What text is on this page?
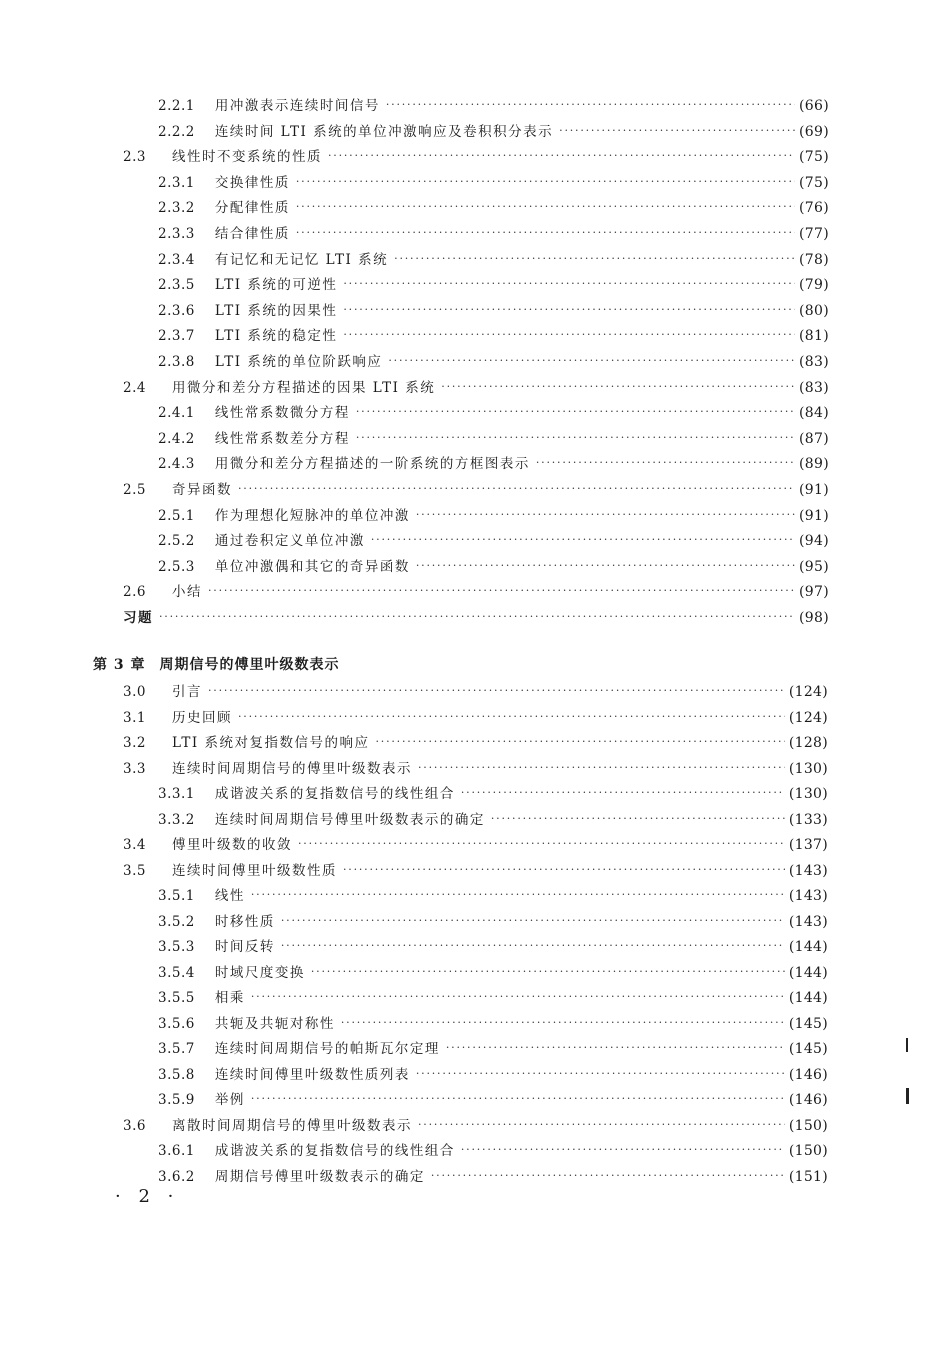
2.2.1 用冲激表示连续时间信号 ·····	(66)
2.2.2 连续时间 LTI 系统的单位冲激响应及卷积积分表示 ·····	(69)
2.3 线性时不变系统的性质 ·····	(75)
2.3.1 交换律性质 ·····	(75)
2.3.2 分配律性质 ·····	(76)
2.3.3 结合律性质 ·····	(77)
2.3.4 有记忆和无记忆 LTI 系统 ·····	(78)
2.3.5 LTI 系统的可逆性 ·····	(79)
2.3.6 LTI 系统的因果性 ·····	(80)
2.3.7 LTI 系统的稳定性 ·····	(81)
2.3.8 LTI 系统的单位阶跃响应 ·····	(83)
2.4 用微分和差分方程描述的因果 LTI 系统 ·····	(83)
2.4.1 线性常系数微分方程 ·····	(84)
2.4.2 线性常系数差分方程 ·····	(87)
2.4.3 用微分和差分方程描述的一阶系统的方框图表示 ·····	(89)
2.5 奇异函数 ·····	(91)
2.5.1 作为理想化短脉冲的单位冲激 ·····	(91)
2.5.2 通过卷积定义单位冲激 ·····	(94)
2.5.3 单位冲激偶和其它的奇异函数 ·····	(95)
2.6 小结 ·····	(97)
习题 ·····	(98)
3.0 引言 ·····	(124)
3.1 历史回顾 ·····	(124)
3.2 LTI 系统对复指数信号的响应 ·····	(128)
3.3 连续时间周期信号的傅里叶级数表示 ·····	(130)
3.3.1 成谐波关系的复指数信号的线性组合 ·····	(130)
3.3.2 连续时间周期信号傅里叶级数表示的确定 ·····	(133)
3.4 傅里叶级数的收敛 ·····	(137)
3.5 连续时间傅里叶级数性质 ·····	(143)
3.5.1 线性 ·····	(143)
3.5.2 时移性质 ·····	(143)
3.5.3 时间反转 ·····	(144)
3.5.4 时域尺度变换 ·····	(144)
3.5.5 相乘 ·····	(144)
3.5.6 共轭及共轭对称性 ·····	(145)
3.5.7 连续时间周期信号的帕斯瓦尔定理 ·····	(145)
3.5.8 连续时间傅里叶级数性质列表 ·····	(146)
3.5.9 举例 ·····	(146)
3.6 离散时间周期信号的傅里叶级数表示 ·····	(150)
3.6.1 成谐波关系的复指数信号的线性组合 ·····	(150)
3.6.2 周期信号傅里叶级数表示的确定 ·····	(151)
第 3 章 周期信号的傅里叶级数表示
· 2 ·
